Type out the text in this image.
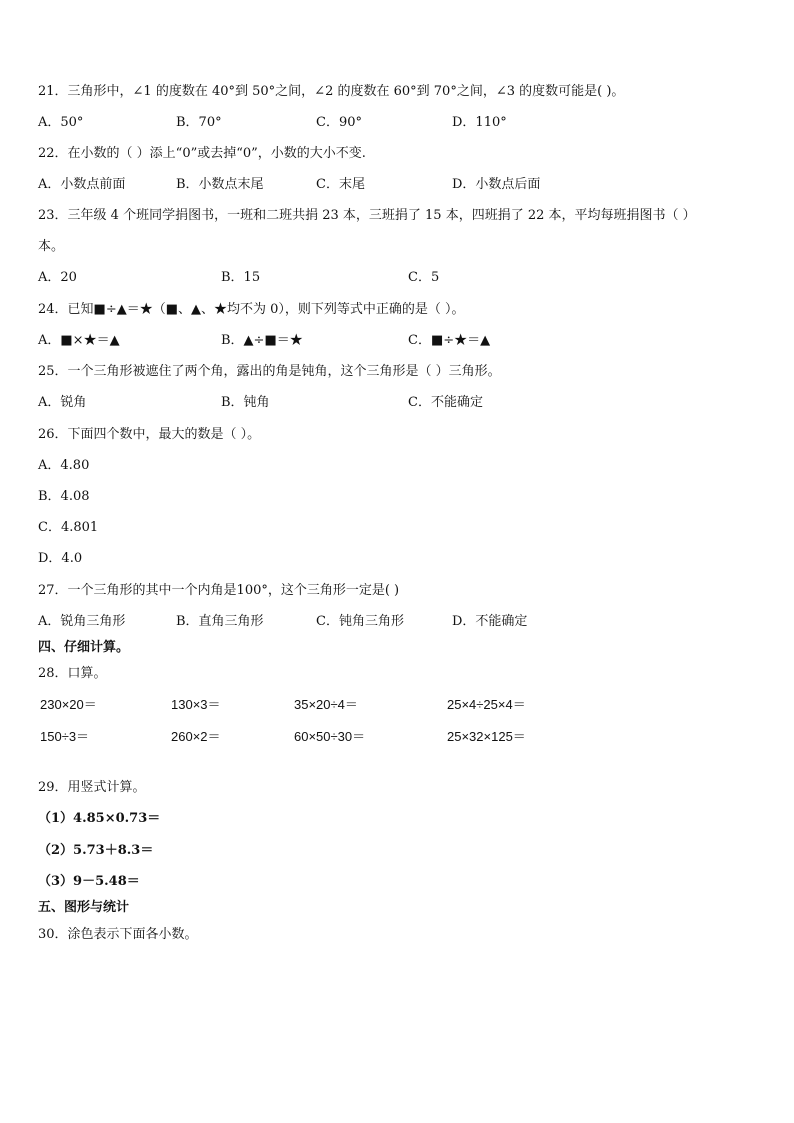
21．三角形中，∠1 的度数在 40°到 50°之间，∠2 的度数在 60°到 70°之间，∠3 的度数可能是( )。
A．50°	B．70°	C．90°	D．110°
22．在小数的（ ）添上“0”或去掉“0”，小数的大小不变.
A．小数点前面	B．小数点末尾	C．末尾	D．小数点后面
23．三年级 4 个班同学捐图书，一班和二班共捐 23 本，三班捐了 15 本，四班捐了 22 本，平均每班捐图书（ ）
本。
A．20	B．15	C．5
24．已知■÷▲＝★（■、▲、★均不为 0），则下列等式中正确的是（ ）。
A．■×★＝▲	B．▲÷■＝★	C．■÷★＝▲
25．一个三角形被遮住了两个角，露出的角是钝角，这个三角形是（ ）三角形。
A．锐角	B．钝角	C．不能确定
26．下面四个数中，最大的数是（ ）。
A．4.80
B．4.08
C．4.801
D．4.0
27．一个三角形的其中一个内角是100°，这个三角形一定是( )
A．锐角三角形	B．直角三角形	C．钝角三角形	D．不能确定
四、仔细计算。
28．口算。
230×20＝	130×3＝	35×20÷4＝	25×4÷25×4＝
150÷3＝	260×2＝	60×50÷30＝	25×32×125＝
29．用竖式计算。
（1）4.85×0.73＝
（2）5.73＋8.3＝
（3）9－5.48＝
五、图形与统计
30．涂色表示下面各小数。
